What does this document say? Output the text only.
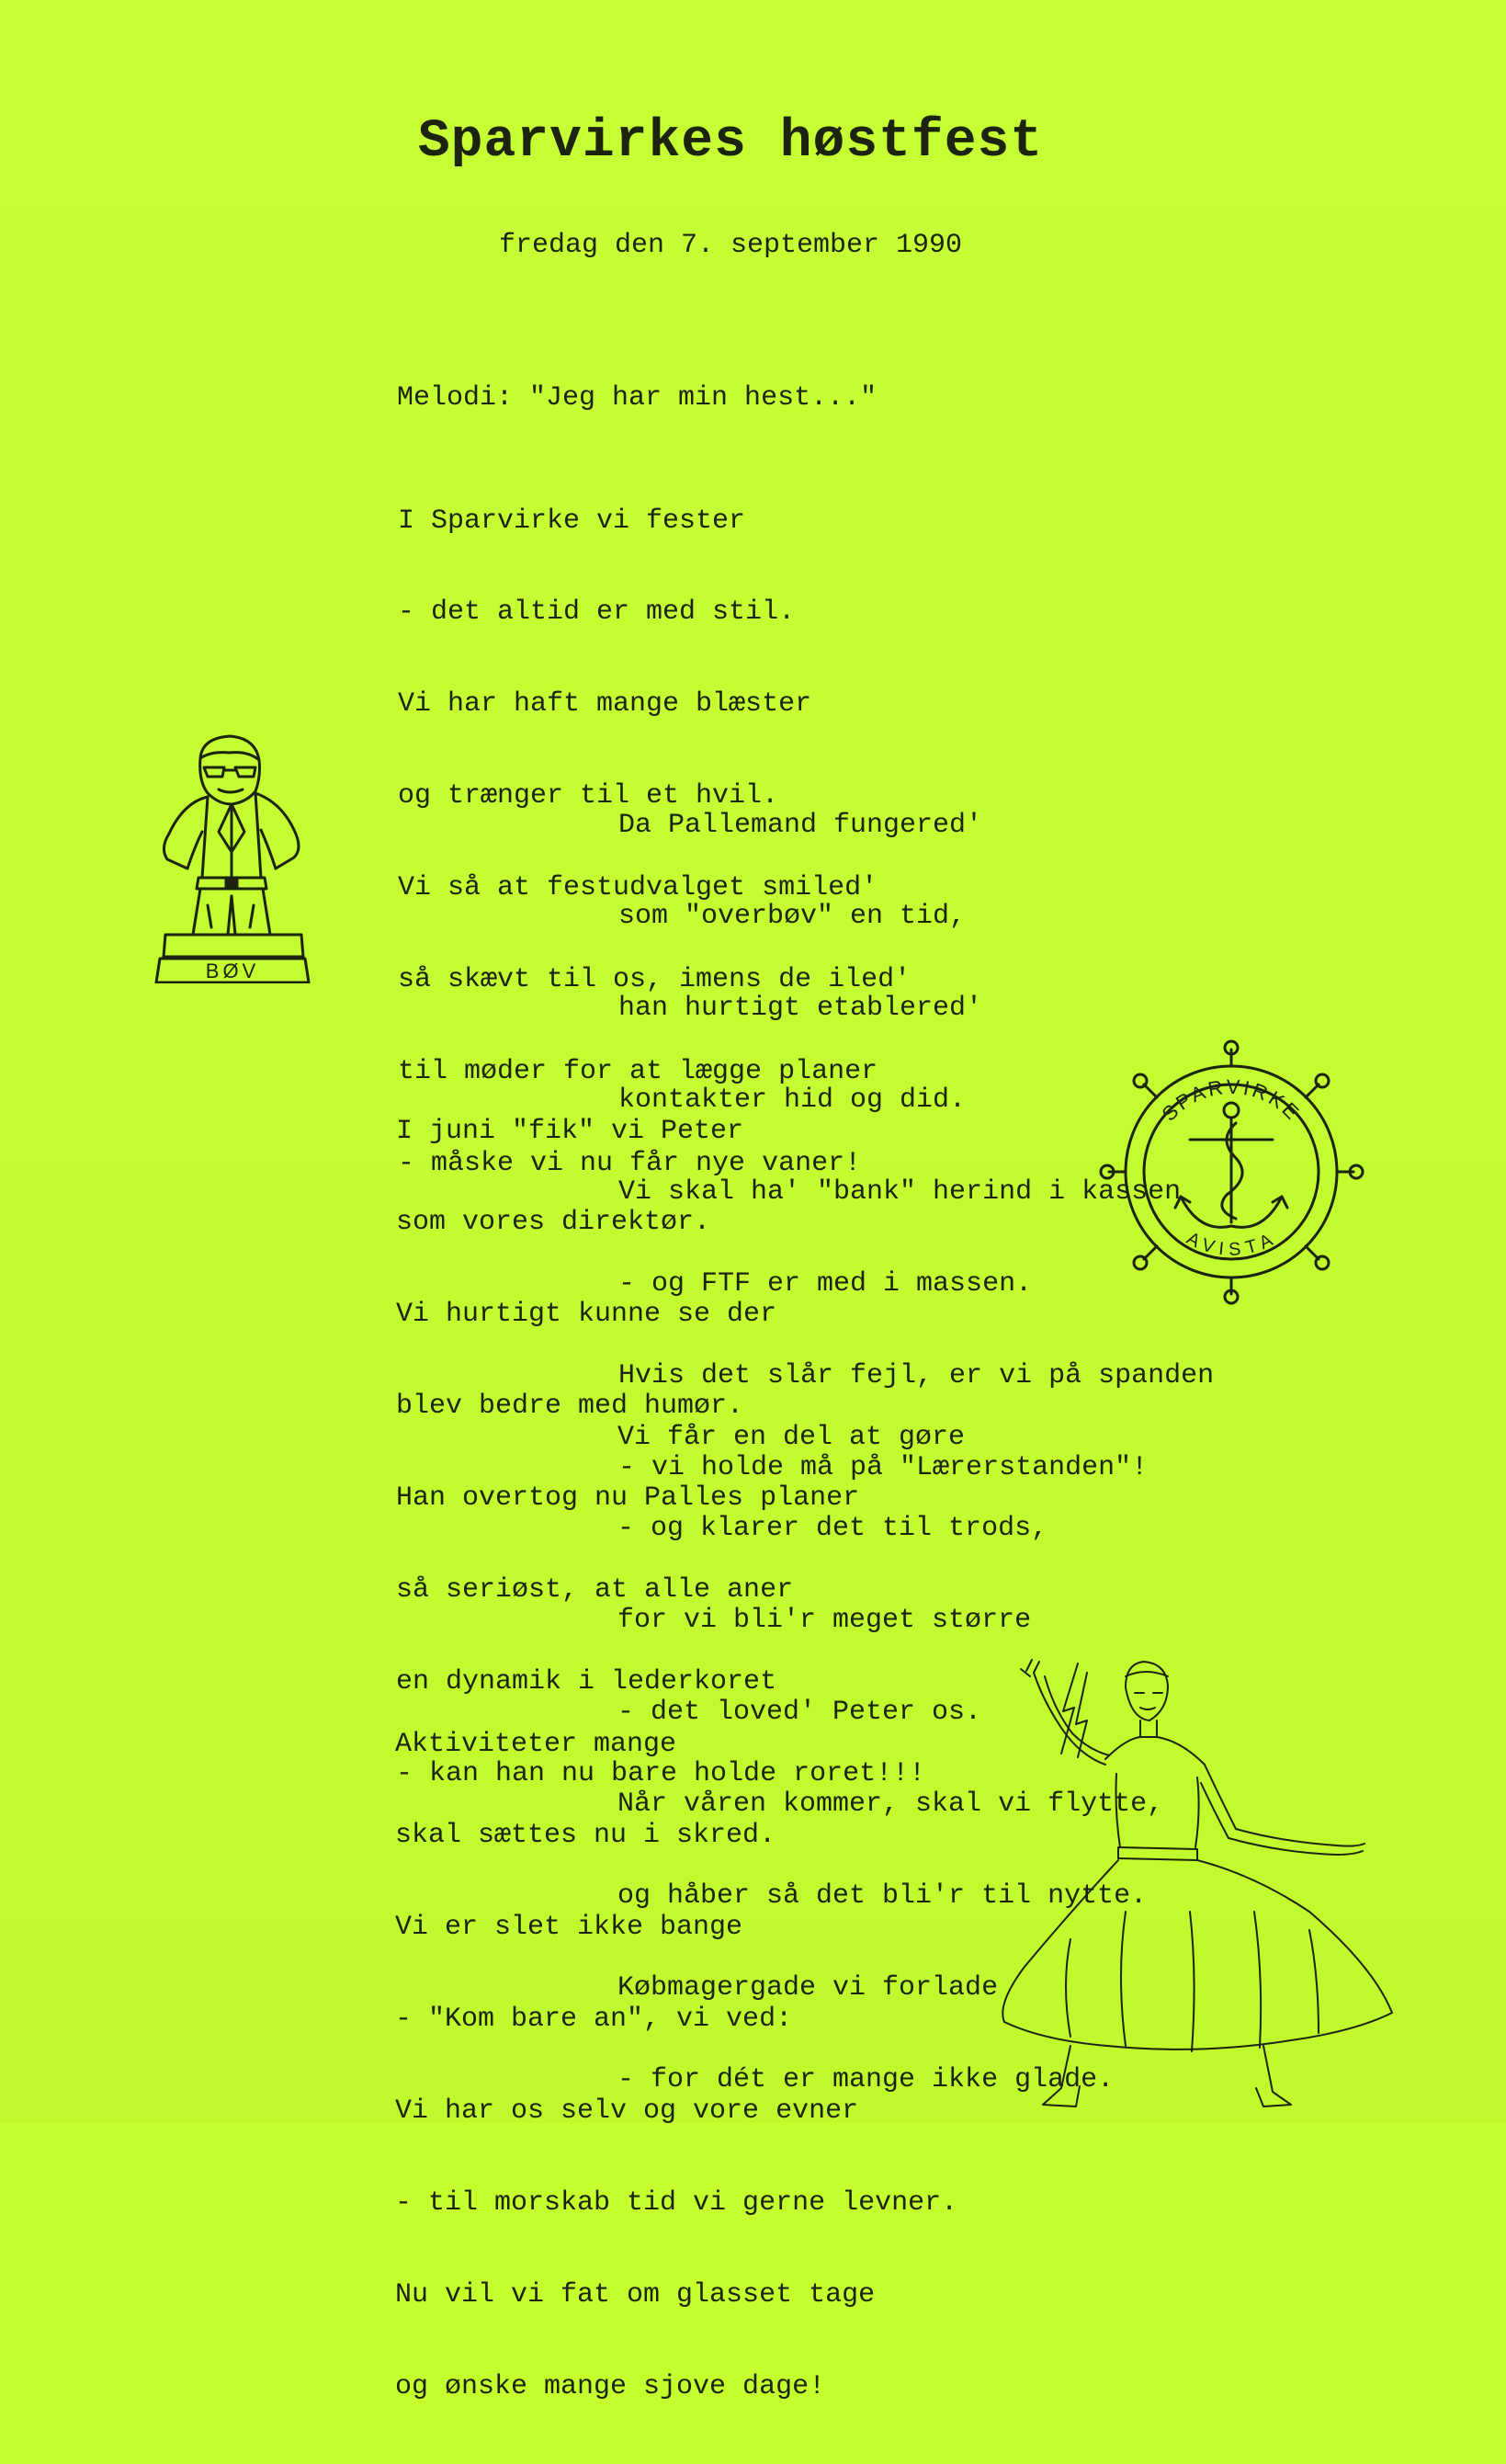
Sparvirkes høstfest
fredag den 7. september 1990
Melodi: "Jeg har min hest..."

I Sparvirke vi fester

- det altid er med stil.

Vi har haft mange blæster

og trænger til et hvil.

Vi så at festudvalget smiled'

så skævt til os, imens de iled'

til møder for at lægge planer

- måske vi nu får nye vaner!

Da Pallemand fungered'

som "overbøv" en tid,

han hurtigt etablered'

kontakter hid og did.

Vi skal ha' "bank" herind i kassen

- og FTF er med i massen.

Hvis det slår fejl, er vi på spanden

- vi holde må på "Lærerstanden"!

I juni "fik" vi Peter

som vores direktør.

Vi hurtigt kunne se der

blev bedre med humør.

Han overtog nu Palles planer

så seriøst, at alle aner

en dynamik i lederkoret

- kan han nu bare holde roret!!!

Vi får en del at gøre

- og klarer det til trods,

for vi bli'r meget større

- det loved' Peter os.

Når våren kommer, skal vi flytte,

og håber så det bli'r til nytte.

Købmagergade vi forlade

- for dét er mange ikke glade.

Aktiviteter mange

skal sættes nu i skred.

Vi er slet ikke bange

- "Kom bare an", vi ved:

Vi har os selv og vore evner

- til morskab tid vi gerne levner.

Nu vil vi fat om glasset tage

og ønske mange sjove dage!

BØV
SPARVIRKE
AVISTA
